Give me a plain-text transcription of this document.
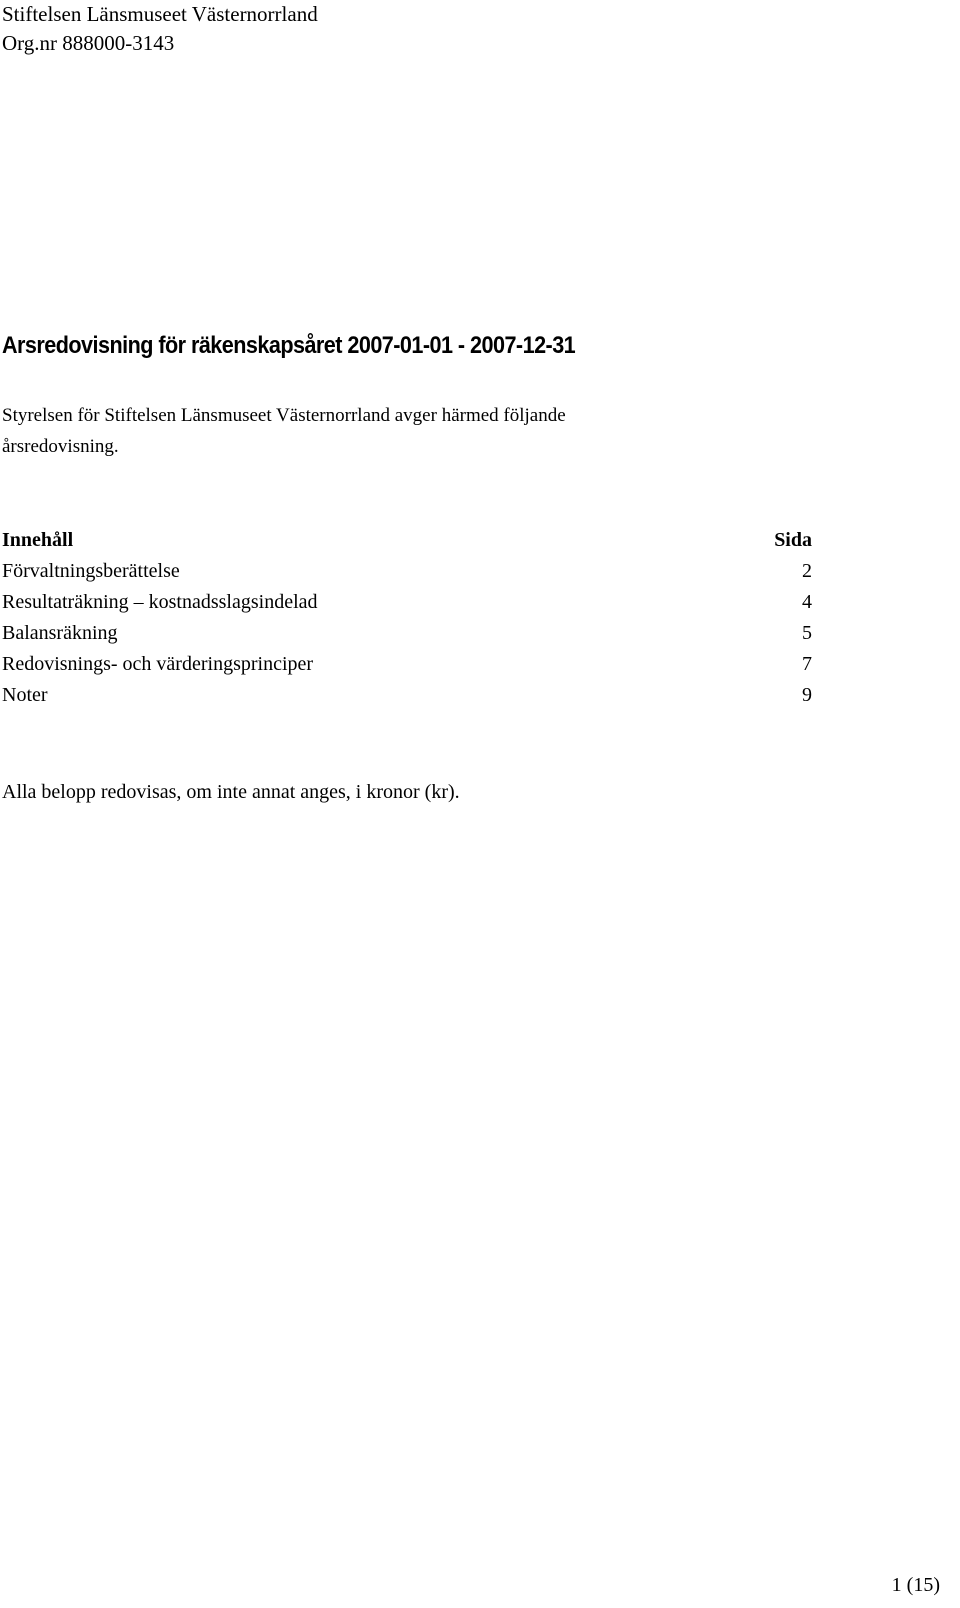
Stiftelsen Länsmuseet Västernorrland
Org.nr 888000-3143
Arsredovisning för räkenskapsåret 2007-01-01 - 2007-12-31

Styrelsen för Stiftelsen Länsmuseet Västernorrland avger härmed följande
årsredovisning.

Innehåll	Sida
Förvaltningsberättelse	2
Resultaträkning – kostnadsslagsindelad	4
Balansräkning	5
Redovisnings- och värderingsprinciper	7
Noter	9

Alla belopp redovisas, om inte annat anges, i kronor (kr).

1 (15)
